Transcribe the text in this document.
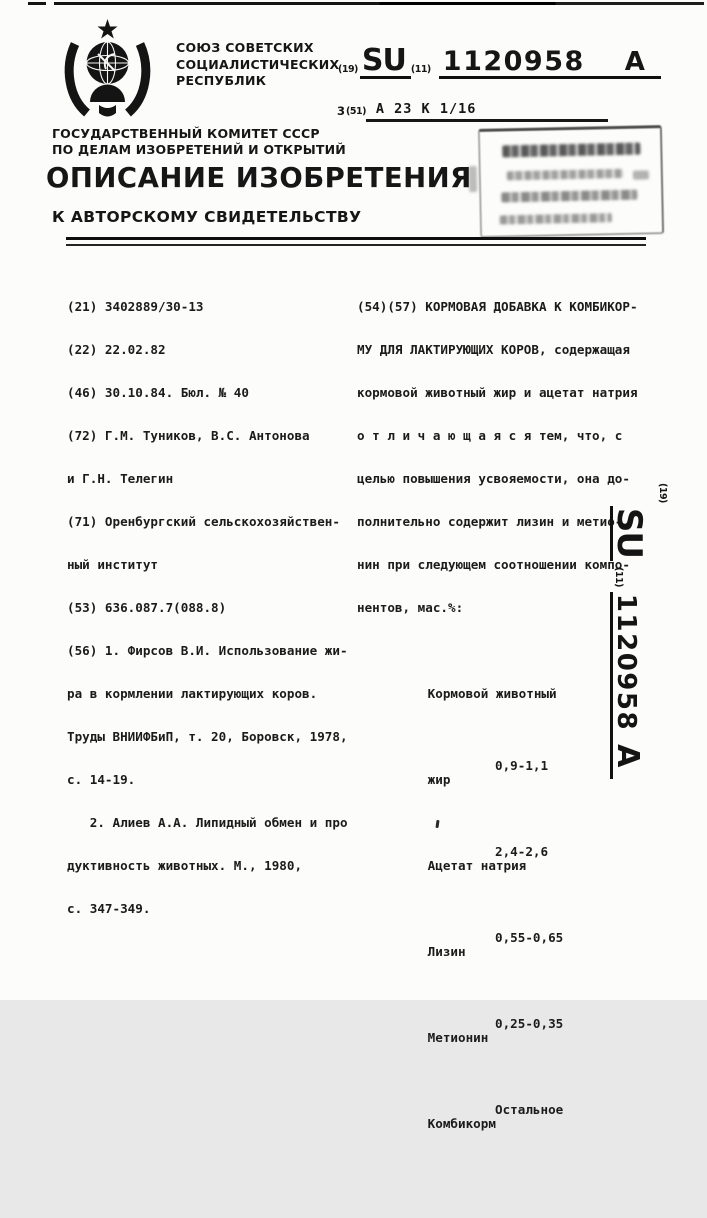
СОЮЗ СОВЕТСКИХ
СОЦИАЛИСТИЧЕСКИХ
РЕСПУБЛИК
(19) SU (11) 1120958 A
3 (51) A 23 K 1/16
ГОСУДАРСТВЕННЫЙ КОМИТЕТ СССР
ПО ДЕЛАМ ИЗОБРЕТЕНИЙ И ОТКРЫТИЙ
ОПИСАНИЕ ИЗОБРЕТЕНИЯ
К АВТОРСКОМУ СВИДЕТЕЛЬСТВУ

(21) 3402889/30-13

(22) 22.02.82

(46) 30.10.84. Бюл. № 40

(72) Г.М. Туников, В.С. Антонова

и Г.Н. Телегин

(71) Оренбургский сельскохозяйствен-

ный институт

(53) 636.087.7(088.8)

(56) 1. Фирсов В.И. Использование жи-

ра в кормлении лактирующих коров.

Труды ВНИИФБиП, т. 20, Боровск, 1978,

с. 14-19.

2. Алиев А.А. Липидный обмен и про

дуктивность животных. М., 1980,

с. 347-349.

(54)(57) КОРМОВАЯ ДОБАВКА К КОМБИКОР-

МУ ДЛЯ ЛАКТИРУЮЩИХ КОРОВ, содержащая

кормовой животный жир и ацетат натрия

о т л и ч а ю щ а я с я тем, что, с

целью повышения усвояемости, она до-

полнительно содержит лизин и метио-

нин при следующем соотношении компо-

нентов, мас.%:

Кормовой животный

жир

0,9-1,1

Ацетат натрия

2,4-2,6

Лизин

0,55-0,65

Метионин

0,25-0,35

Комбикорм

Остальное

(19)
SU
(11)
1120958
A
